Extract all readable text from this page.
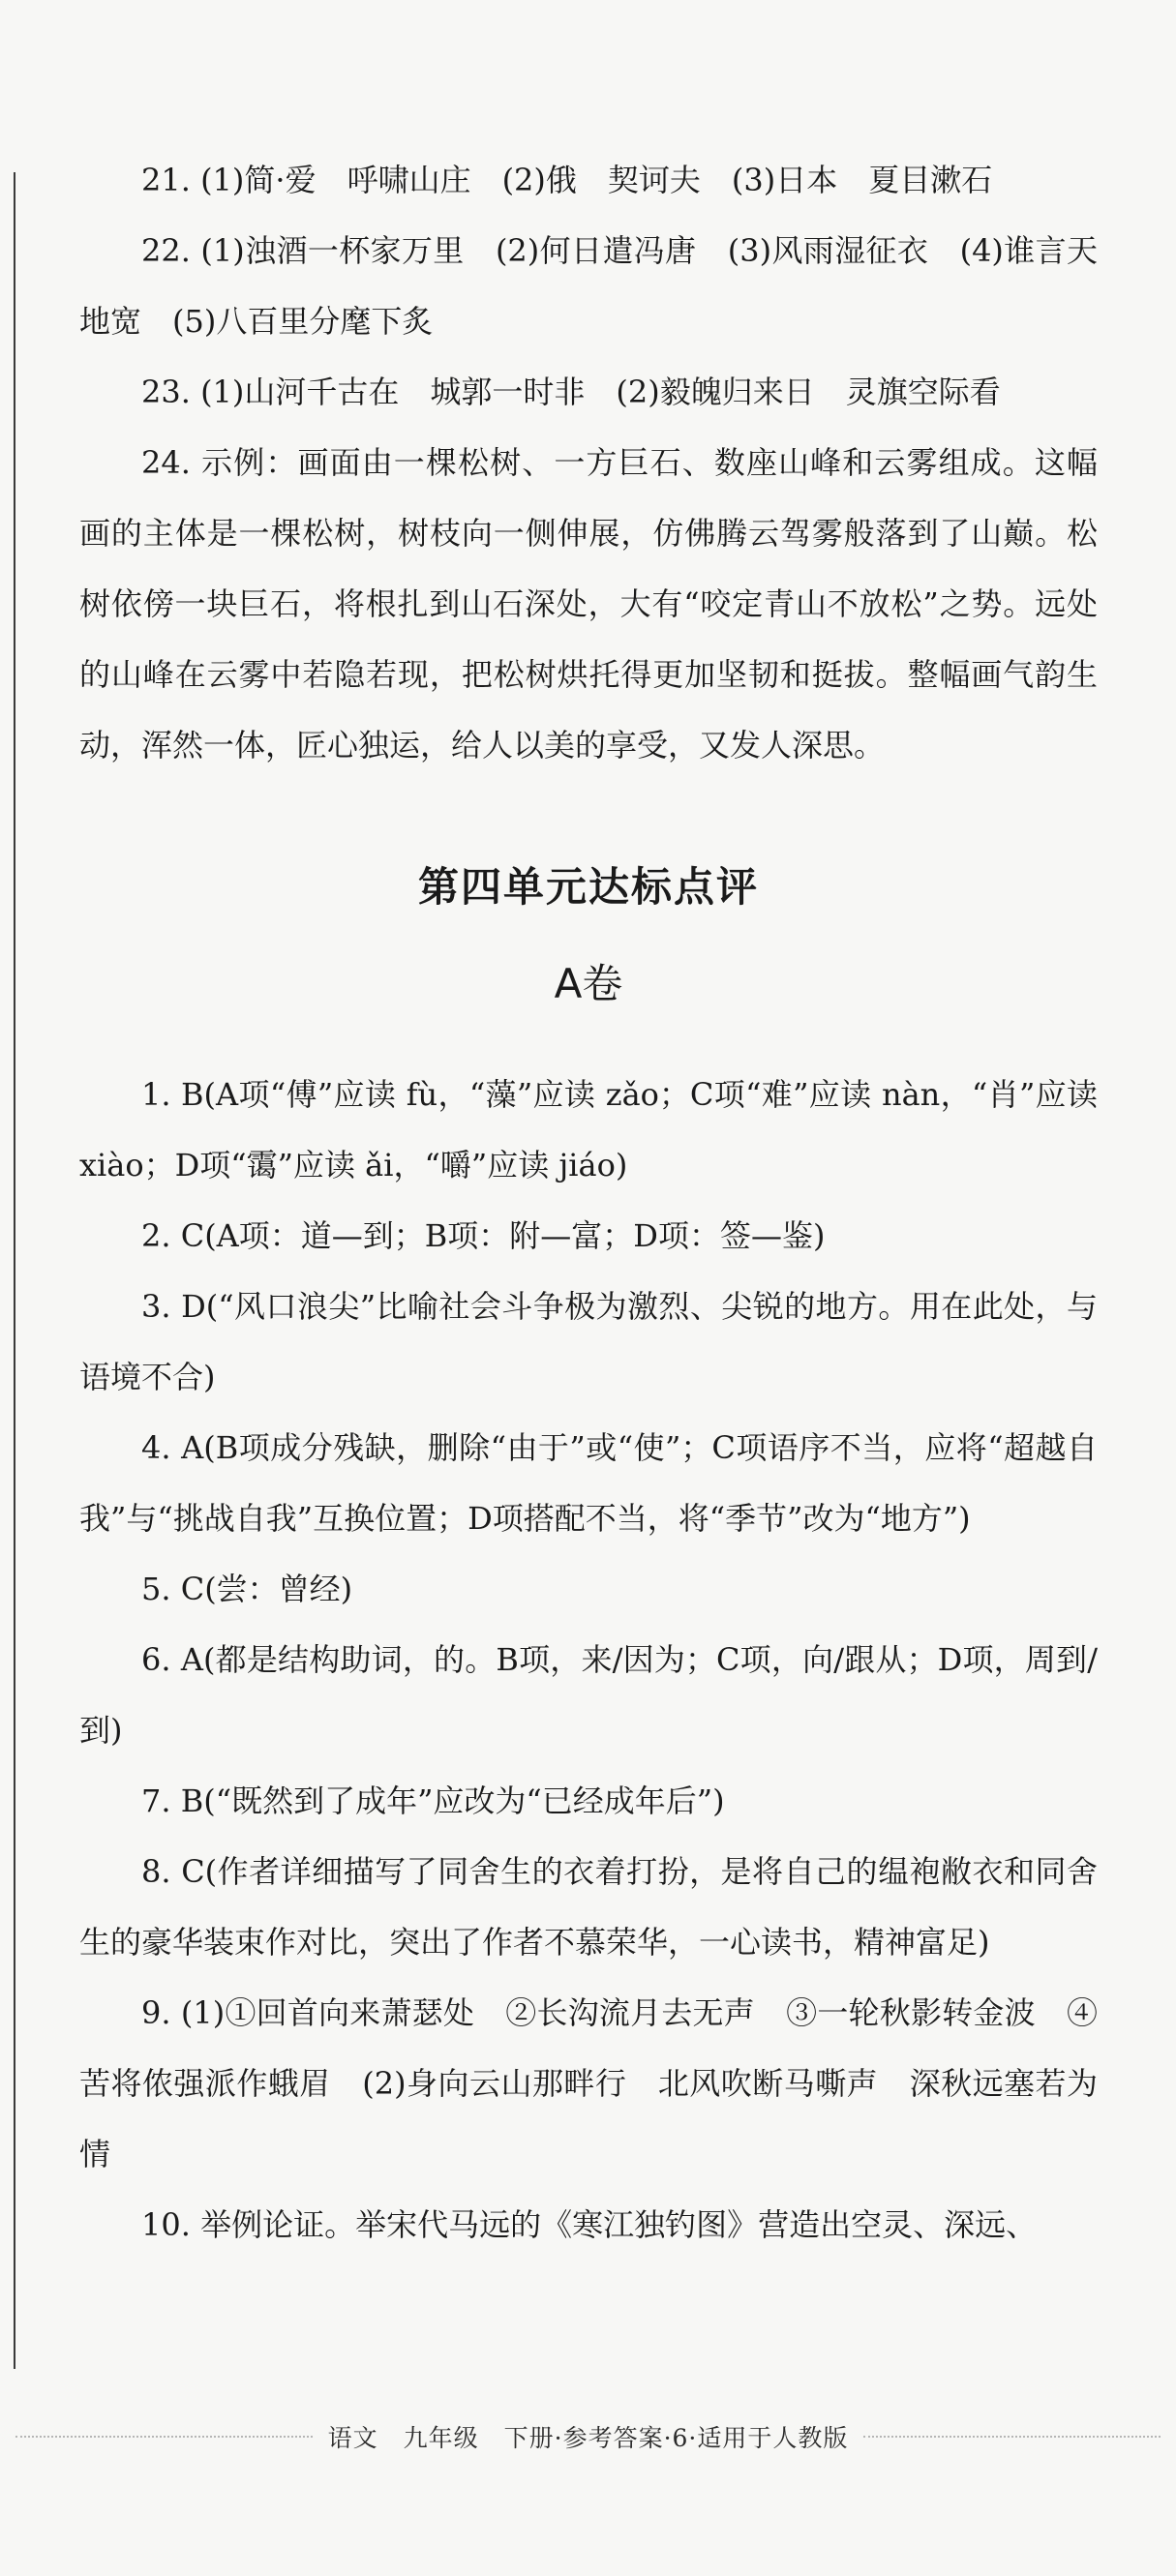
21. (1)简·爱　呼啸山庄　(2)俄　契诃夫　(3)日本　夏目漱石

22. (1)浊酒一杯家万里　(2)何日遣冯唐　(3)风雨湿征衣　(4)谁言天地宽　(5)八百里分麾下炙

23. (1)山河千古在　城郭一时非　(2)毅魄归来日　灵旗空际看

24. 示例：画面由一棵松树、一方巨石、数座山峰和云雾组成。这幅画的主体是一棵松树，树枝向一侧伸展，仿佛腾云驾雾般落到了山巅。松树依傍一块巨石，将根扎到山石深处，大有“咬定青山不放松”之势。远处的山峰在云雾中若隐若现，把松树烘托得更加坚韧和挺拔。整幅画气韵生动，浑然一体，匠心独运，给人以美的享受，又发人深思。

第四单元达标点评
A卷

1. B(A项“傅”应读 fù，“藻”应读 zǎo；C项“难”应读 nàn，“肖”应读 xiào；D项“霭”应读 ǎi，“嚼”应读 jiáo)

2. C(A项：道—到；B项：附—富；D项：签—鉴)

3. D(“风口浪尖”比喻社会斗争极为激烈、尖锐的地方。用在此处，与语境不合)

4. A(B项成分残缺，删除“由于”或“使”；C项语序不当，应将“超越自我”与“挑战自我”互换位置；D项搭配不当，将“季节”改为“地方”)

5. C(尝：曾经)

6. A(都是结构助词，的。B项，来/因为；C项，向/跟从；D项，周到/到)

7. B(“既然到了成年”应改为“已经成年后”)

8. C(作者详细描写了同舍生的衣着打扮，是将自己的缊袍敝衣和同舍生的豪华装束作对比，突出了作者不慕荣华，一心读书，精神富足)

9. (1)①回首向来萧瑟处　②长沟流月去无声　③一轮秋影转金波　④苦将侬强派作蛾眉　(2)身向云山那畔行　北风吹断马嘶声　深秋远塞若为情

10. 举例论证。举宋代马远的《寒江独钓图》营造出空灵、深远、

语文　九年级　下册·参考答案·6·适用于人教版
